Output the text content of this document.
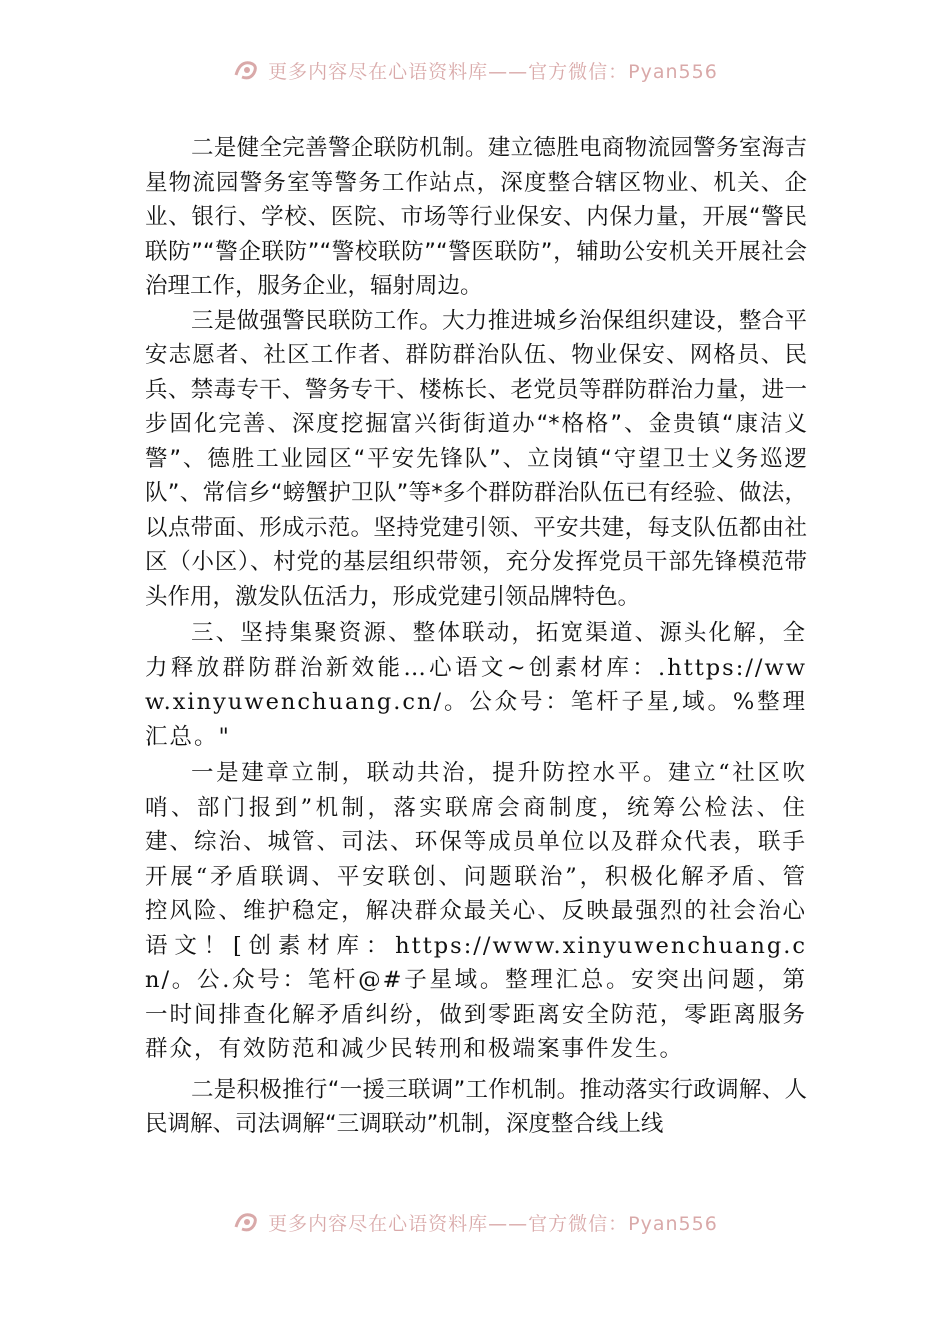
更多内容尽在心语资料库——官方微信：Pyan556

二是健全完善警企联防机制。建立德胜电商物流园警务室海吉星物流园警务室等警务工作站点，深度整合辖区物业、机关、企业、银行、学校、医院、市场等行业保安、内保力量，开展“警民联防”“警企联防”“警校联防”“警医联防”，辅助公安机关开展社会治理工作，服务企业，辐射周边。

三是做强警民联防工作。大力推进城乡治保组织建设，整合平安志愿者、社区工作者、群防群治队伍、物业保安、网格员、民兵、禁毒专干、警务专干、楼栋长、老党员等群防群治力量，进一步固化完善、深度挖掘富兴街街道办“*格格”、金贵镇“康洁义警”、德胜工业园区“平安先锋队”、立岗镇“守望卫士义务巡逻队”、常信乡“螃蟹护卫队”等*多个群防群治队伍已有经验、做法，以点带面、形成示范。坚持党建引领、平安共建，每支队伍都由社区（小区）、村党的基层组织带领，充分发挥党员干部先锋模范带头作用，激发队伍活力，形成党建引领品牌特色。

三、坚持集聚资源、整体联动，拓宽渠道、源头化解，全力释放群防群治新效能…心语文~创素材库：.https://www.xinyuwenchuang.cn/。公众号：笔杆子星,域。%整理汇总。"

一是建章立制，联动共治，提升防控水平。建立“社区吹哨、部门报到”机制，落实联席会商制度，统筹公检法、住建、综治、城管、司法、环保等成员单位以及群众代表，联手开展“矛盾联调、平安联创、问题联治”，积极化解矛盾、管控风险、维护稳定，解决群众最关心、反映最强烈的社会治心语文！[创素材库：https://www.xinyuwenchuang.cn/。公.众号：笔杆@#子星域。整理汇总。安突出问题，第一时间排查化解矛盾纠纷，做到零距离安全防范，零距离服务群众，有效防范和减少民转刑和极端案事件发生。

二是积极推行“一援三联调”工作机制。推动落实行政调解、人民调解、司法调解“三调联动”机制，深度整合线上线

更多内容尽在心语资料库——官方微信：Pyan556
